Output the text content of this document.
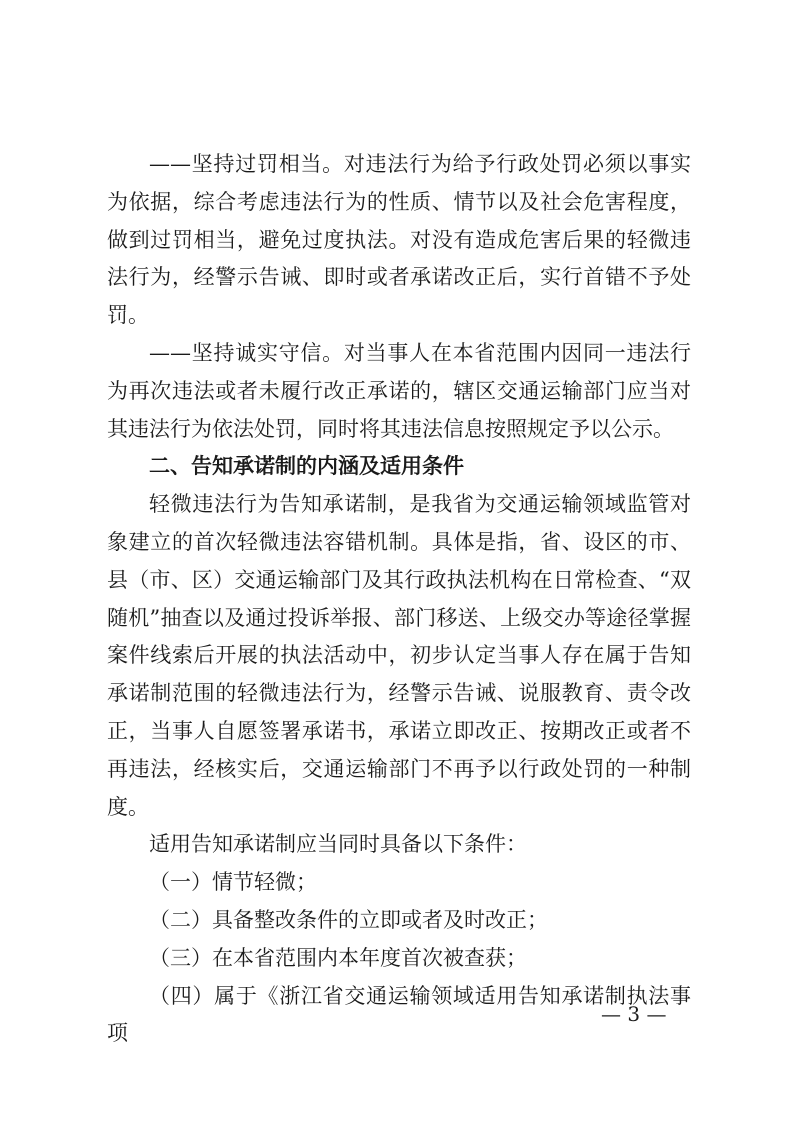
——坚持过罚相当。对违法行为给予行政处罚必须以事实为依据，综合考虑违法行为的性质、情节以及社会危害程度，做到过罚相当，避免过度执法。对没有造成危害后果的轻微违法行为，经警示告诫、即时或者承诺改正后，实行首错不予处罚。

——坚持诚实守信。对当事人在本省范围内因同一违法行为再次违法或者未履行改正承诺的，辖区交通运输部门应当对其违法行为依法处罚，同时将其违法信息按照规定予以公示。

二、告知承诺制的内涵及适用条件

轻微违法行为告知承诺制，是我省为交通运输领域监管对象建立的首次轻微违法容错机制。具体是指，省、设区的市、县（市、区）交通运输部门及其行政执法机构在日常检查、“双随机”抽查以及通过投诉举报、部门移送、上级交办等途径掌握案件线索后开展的执法活动中，初步认定当事人存在属于告知承诺制范围的轻微违法行为，经警示告诫、说服教育、责令改正，当事人自愿签署承诺书，承诺立即改正、按期改正或者不再违法，经核实后，交通运输部门不再予以行政处罚的一种制度。

适用告知承诺制应当同时具备以下条件：

（一）情节轻微；

（二）具备整改条件的立即或者及时改正；

（三）在本省范围内本年度首次被查获；

（四）属于《浙江省交通运输领域适用告知承诺制执法事项

— 3 —
